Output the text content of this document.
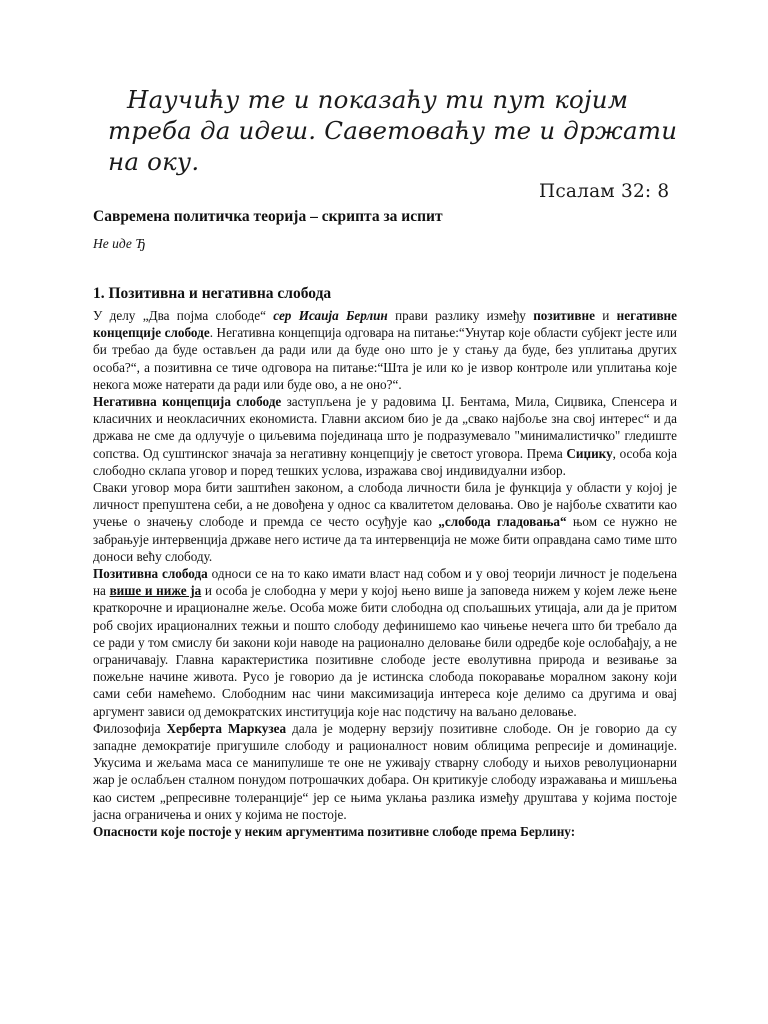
Научићу те и показаћу ти пут којим
треба да идеш. Саветоваћу те и држати
на оку.
Псалам 32: 8
Савремена политичка теорија – скрипта за испит
Не иде Ђ
1. Позитивна и негативна слобода

У делу „Два појма слободе“ сер Исаија Берлин прави разлику између позитивне и негативне концепције слободе. Негативна концепција одговара на питање:“Унутар које области субјект јесте или би требао да буде остављен да ради или да буде оно што је у стању да буде, без уплитања других особа?“, а позитивна се тиче одговора на питање:“Шта је или ко је извор контроле или уплитања које некога може натерати да ради или буде ово, а не оно?“.

Негативна концепција слободе заступљена је у радовима Џ. Бентама, Мила, Сиџвика, Спенсера и класичних и неокласичних економиста. Главни аксиом био је да „свако најбоље зна свој интерес“ и да држава не сме да одлучује о циљевима појединаца што је подразумевало "минималистичко" гледиште сопства. Од суштинског значаја за негативну концепцију је светост уговора. Према Сиџику, особа која слободно склапа уговор и поред тешких услова, изражава свој индивидуални избор.

Сваки уговор мора бити заштићен законом, а слобода личности била је функција у области у којој је личност препуштена себи, а не довођена у однос са квалитетом деловања. Ово је најбоље схватити као учење о значењу слободе и премда се често осуђује као „слобода гладовања“ њом се нужно не забрањује интервенција државе него истиче да та интервенција не може бити оправдана само тиме што доноси већу слободу.

Позитивна слобода односи се на то како имати власт над собом и у овој теорији личност је подељена на више и ниже ја и особа је слободна у мери у којој њено више ја заповеда нижем у којем леже њене краткорочне и ирационалне жеље. Особа може бити слободна од спољашњих утицаја, али да је притом роб својих ирационалних тежњи и пошто слободу дефинишемо као чињење нечега што би требало да се ради у том смислу би закони који наводе на рационално деловање били одредбе које ослобађају, а не ограничавају. Главна карактеристика позитивне слободе јесте еволутивна природа и везивање за пожељне начине живота. Русо је говорио да је истинска слобода покоравање моралном закону који сами себи намећемо. Слободним нас чини максимизација интереса које делимо са другима и овај аргумент зависи од демократских институција које нас подстичу на ваљано деловање.

Филозофија Херберта Маркузеа дала је модерну верзију позитивне слободе. Он је говорио да су западне демократије пригушиле слободу и рационалност новим облицима репресије и доминације. Укусима и жељама маса се манипулише те оне не уживају стварну слободу и њихов револуционарни жар је ослабљен сталном понудом потрошачких добара. Он критикује слободу изражавања и мишљења као систем „репресивне толеранције“ јер се њима уклања разлика између друштава у којима постоје јасна ограничења и оних у којима не постоје.

Опасности које постоје у неким аргументима позитивне слободе према Берлину:
